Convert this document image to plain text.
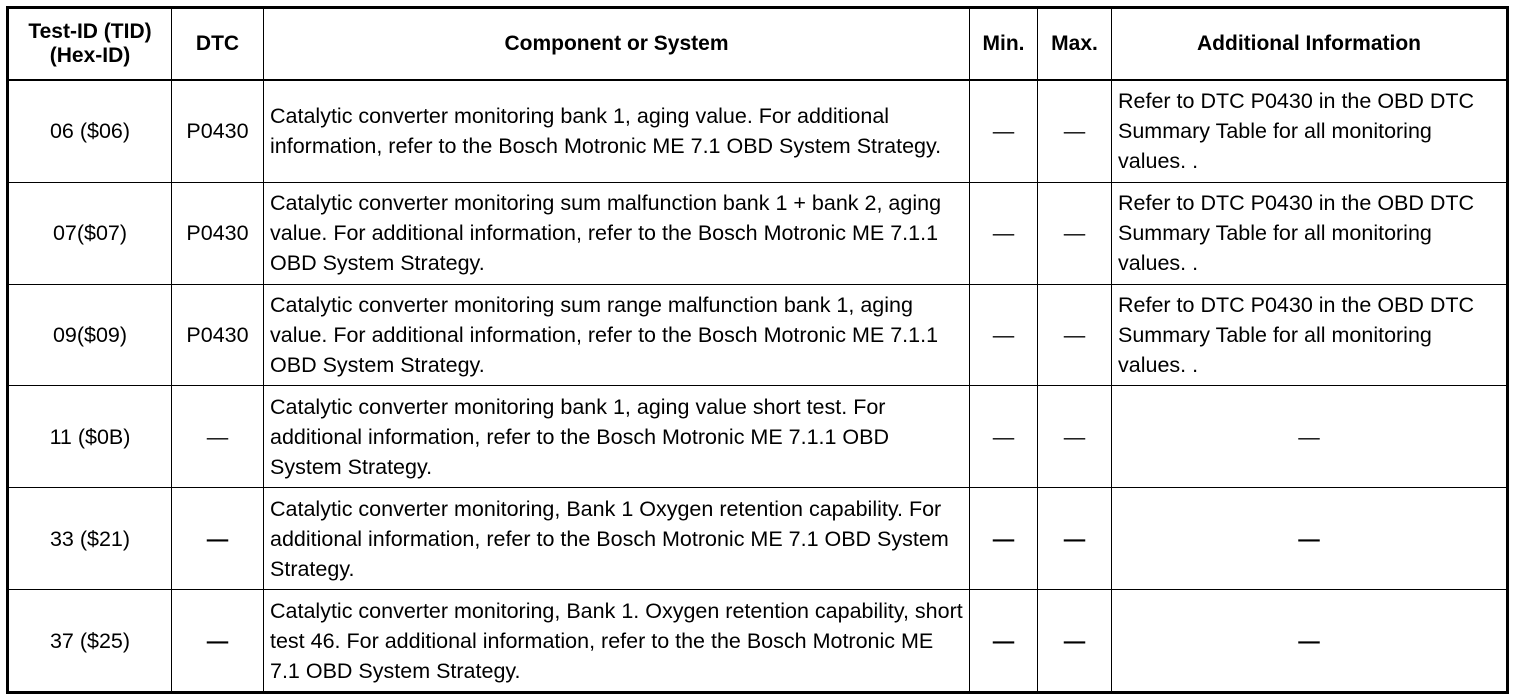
Test-ID (TID) (Hex-ID)	DTC	Component or System	Min.	Max.	Additional Information
06 ($06)	P0430	Catalytic converter monitoring bank 1, aging value. For additional information, refer to the Bosch Motronic ME 7.1 OBD System Strategy.	—	—	Refer to DTC P0430 in the OBD DTC Summary Table for all monitoring values. .
07($07)	P0430	Catalytic converter monitoring sum malfunction bank 1 + bank 2, aging value. For additional information, refer to the Bosch Motronic ME 7.1.1 OBD System Strategy.	—	—	Refer to DTC P0430 in the OBD DTC Summary Table for all monitoring values. .
09($09)	P0430	Catalytic converter monitoring sum range malfunction bank 1, aging value. For additional information, refer to the Bosch Motronic ME 7.1.1 OBD System Strategy.	—	—	Refer to DTC P0430 in the OBD DTC Summary Table for all monitoring values. .
11 ($0B)	—	Catalytic converter monitoring bank 1, aging value short test. For additional information, refer to the Bosch Motronic ME 7.1.1 OBD System Strategy.	—	—	—
33 ($21)	—	Catalytic converter monitoring, Bank 1 Oxygen retention capability. For additional information, refer to the Bosch Motronic ME 7.1 OBD System Strategy.	—	—	—
37 ($25)	—	Catalytic converter monitoring, Bank 1. Oxygen retention capability, short test 46. For additional information, refer to the the Bosch Motronic ME 7.1 OBD System Strategy.	—	—	—
